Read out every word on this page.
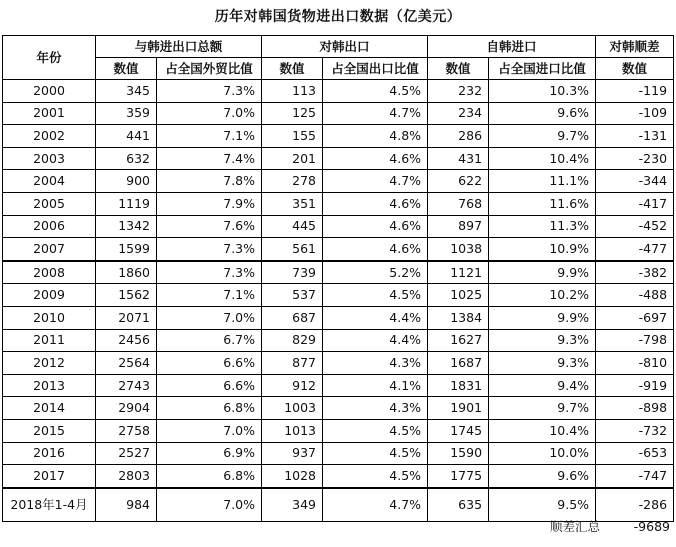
历年对韩国货物进出口数据（亿美元）
年份	与韩进出口总额		对韩出口		自韩进口		对韩顺差
	数值	占全国外贸比值	数值	占全国出口比值	数值	占全国进口比值	数值
2000	345	7.3%	113	4.5%	232	10.3%	-119
2001	359	7.0%	125	4.7%	234	9.6%	-109
2002	441	7.1%	155	4.8%	286	9.7%	-131
2003	632	7.4%	201	4.6%	431	10.4%	-230
2004	900	7.8%	278	4.7%	622	11.1%	-344
2005	1119	7.9%	351	4.6%	768	11.6%	-417
2006	1342	7.6%	445	4.6%	897	11.3%	-452
2007	1599	7.3%	561	4.6%	1038	10.9%	-477
2008	1860	7.3%	739	5.2%	1121	9.9%	-382
2009	1562	7.1%	537	4.5%	1025	10.2%	-488
2010	2071	7.0%	687	4.4%	1384	9.9%	-697
2011	2456	6.7%	829	4.4%	1627	9.3%	-798
2012	2564	6.6%	877	4.3%	1687	9.3%	-810
2013	2743	6.6%	912	4.1%	1831	9.4%	-919
2014	2904	6.8%	1003	4.3%	1901	9.7%	-898
2015	2758	7.0%	1013	4.5%	1745	10.4%	-732
2016	2527	6.9%	937	4.5%	1590	10.0%	-653
2017	2803	6.8%	1028	4.5%	1775	9.6%	-747
2018年1-4月	984	7.0%	349	4.7%	635	9.5%	-286
顺差汇总	-9689
